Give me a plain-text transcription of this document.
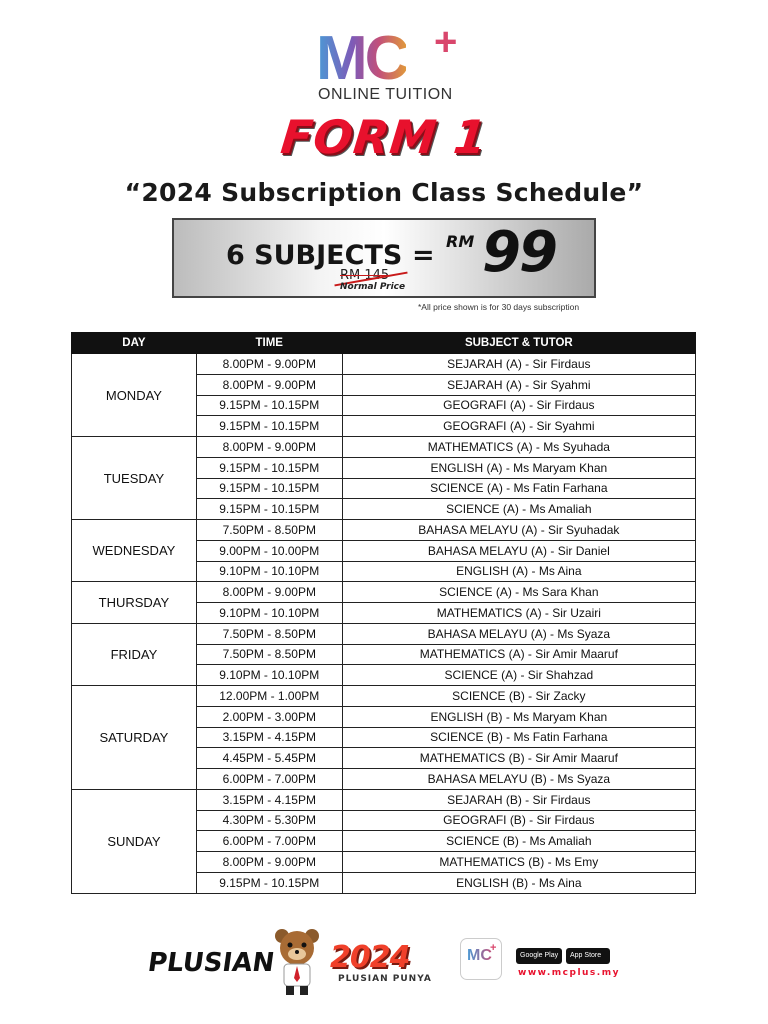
MC +
ONLINE TUITION
FORM 1
“2024 Subscription Class Schedule”
6 SUBJECTS = RM 99
RM 145
Normal Price
*All price shown is for 30 days subscription
DAY	TIME	SUBJECT & TUTOR
MONDAY	8.00PM - 9.00PM	SEJARAH (A) - Sir Firdaus
	8.00PM - 9.00PM	SEJARAH (A) - Sir Syahmi
	9.15PM - 10.15PM	GEOGRAFI (A) - Sir Firdaus
	9.15PM - 10.15PM	GEOGRAFI (A) - Sir Syahmi
TUESDAY	8.00PM - 9.00PM	MATHEMATICS (A) - Ms Syuhada
	9.15PM - 10.15PM	ENGLISH (A) - Ms Maryam Khan
	9.15PM - 10.15PM	SCIENCE (A) - Ms Fatin Farhana
	9.15PM - 10.15PM	SCIENCE (A) - Ms Amaliah
WEDNESDAY	7.50PM - 8.50PM	BAHASA MELAYU (A) - Sir Syuhadak
	9.00PM - 10.00PM	BAHASA MELAYU (A) - Sir Daniel
	9.10PM - 10.10PM	ENGLISH (A) - Ms Aina
THURSDAY	8.00PM - 9.00PM	SCIENCE (A) - Ms Sara Khan
	9.10PM - 10.10PM	MATHEMATICS (A) - Sir Uzairi
FRIDAY	7.50PM - 8.50PM	BAHASA MELAYU (A) - Ms Syaza
	7.50PM - 8.50PM	MATHEMATICS (A) - Sir Amir Maaruf
	9.10PM - 10.10PM	SCIENCE (A) - Sir Shahzad
SATURDAY	12.00PM - 1.00PM	SCIENCE (B) - Sir Zacky
	2.00PM - 3.00PM	ENGLISH (B) - Ms Maryam Khan
	3.15PM - 4.15PM	SCIENCE (B) - Ms Fatin Farhana
	4.45PM - 5.45PM	MATHEMATICS (B) - Sir Amir Maaruf
	6.00PM - 7.00PM	BAHASA MELAYU (B) - Ms Syaza
SUNDAY	3.15PM - 4.15PM	SEJARAH (B) - Sir Firdaus
	4.30PM - 5.30PM	GEOGRAFI (B) - Sir Firdaus
	6.00PM - 7.00PM	SCIENCE (B) - Ms Amaliah
	8.00PM - 9.00PM	MATHEMATICS (B) - Ms Emy
	9.15PM - 10.15PM	ENGLISH (B) - Ms Aina
PLUSIAN 2024
PLUSIAN PUNYA
MC
+
Google Play	App Store
www.mcplus.my
